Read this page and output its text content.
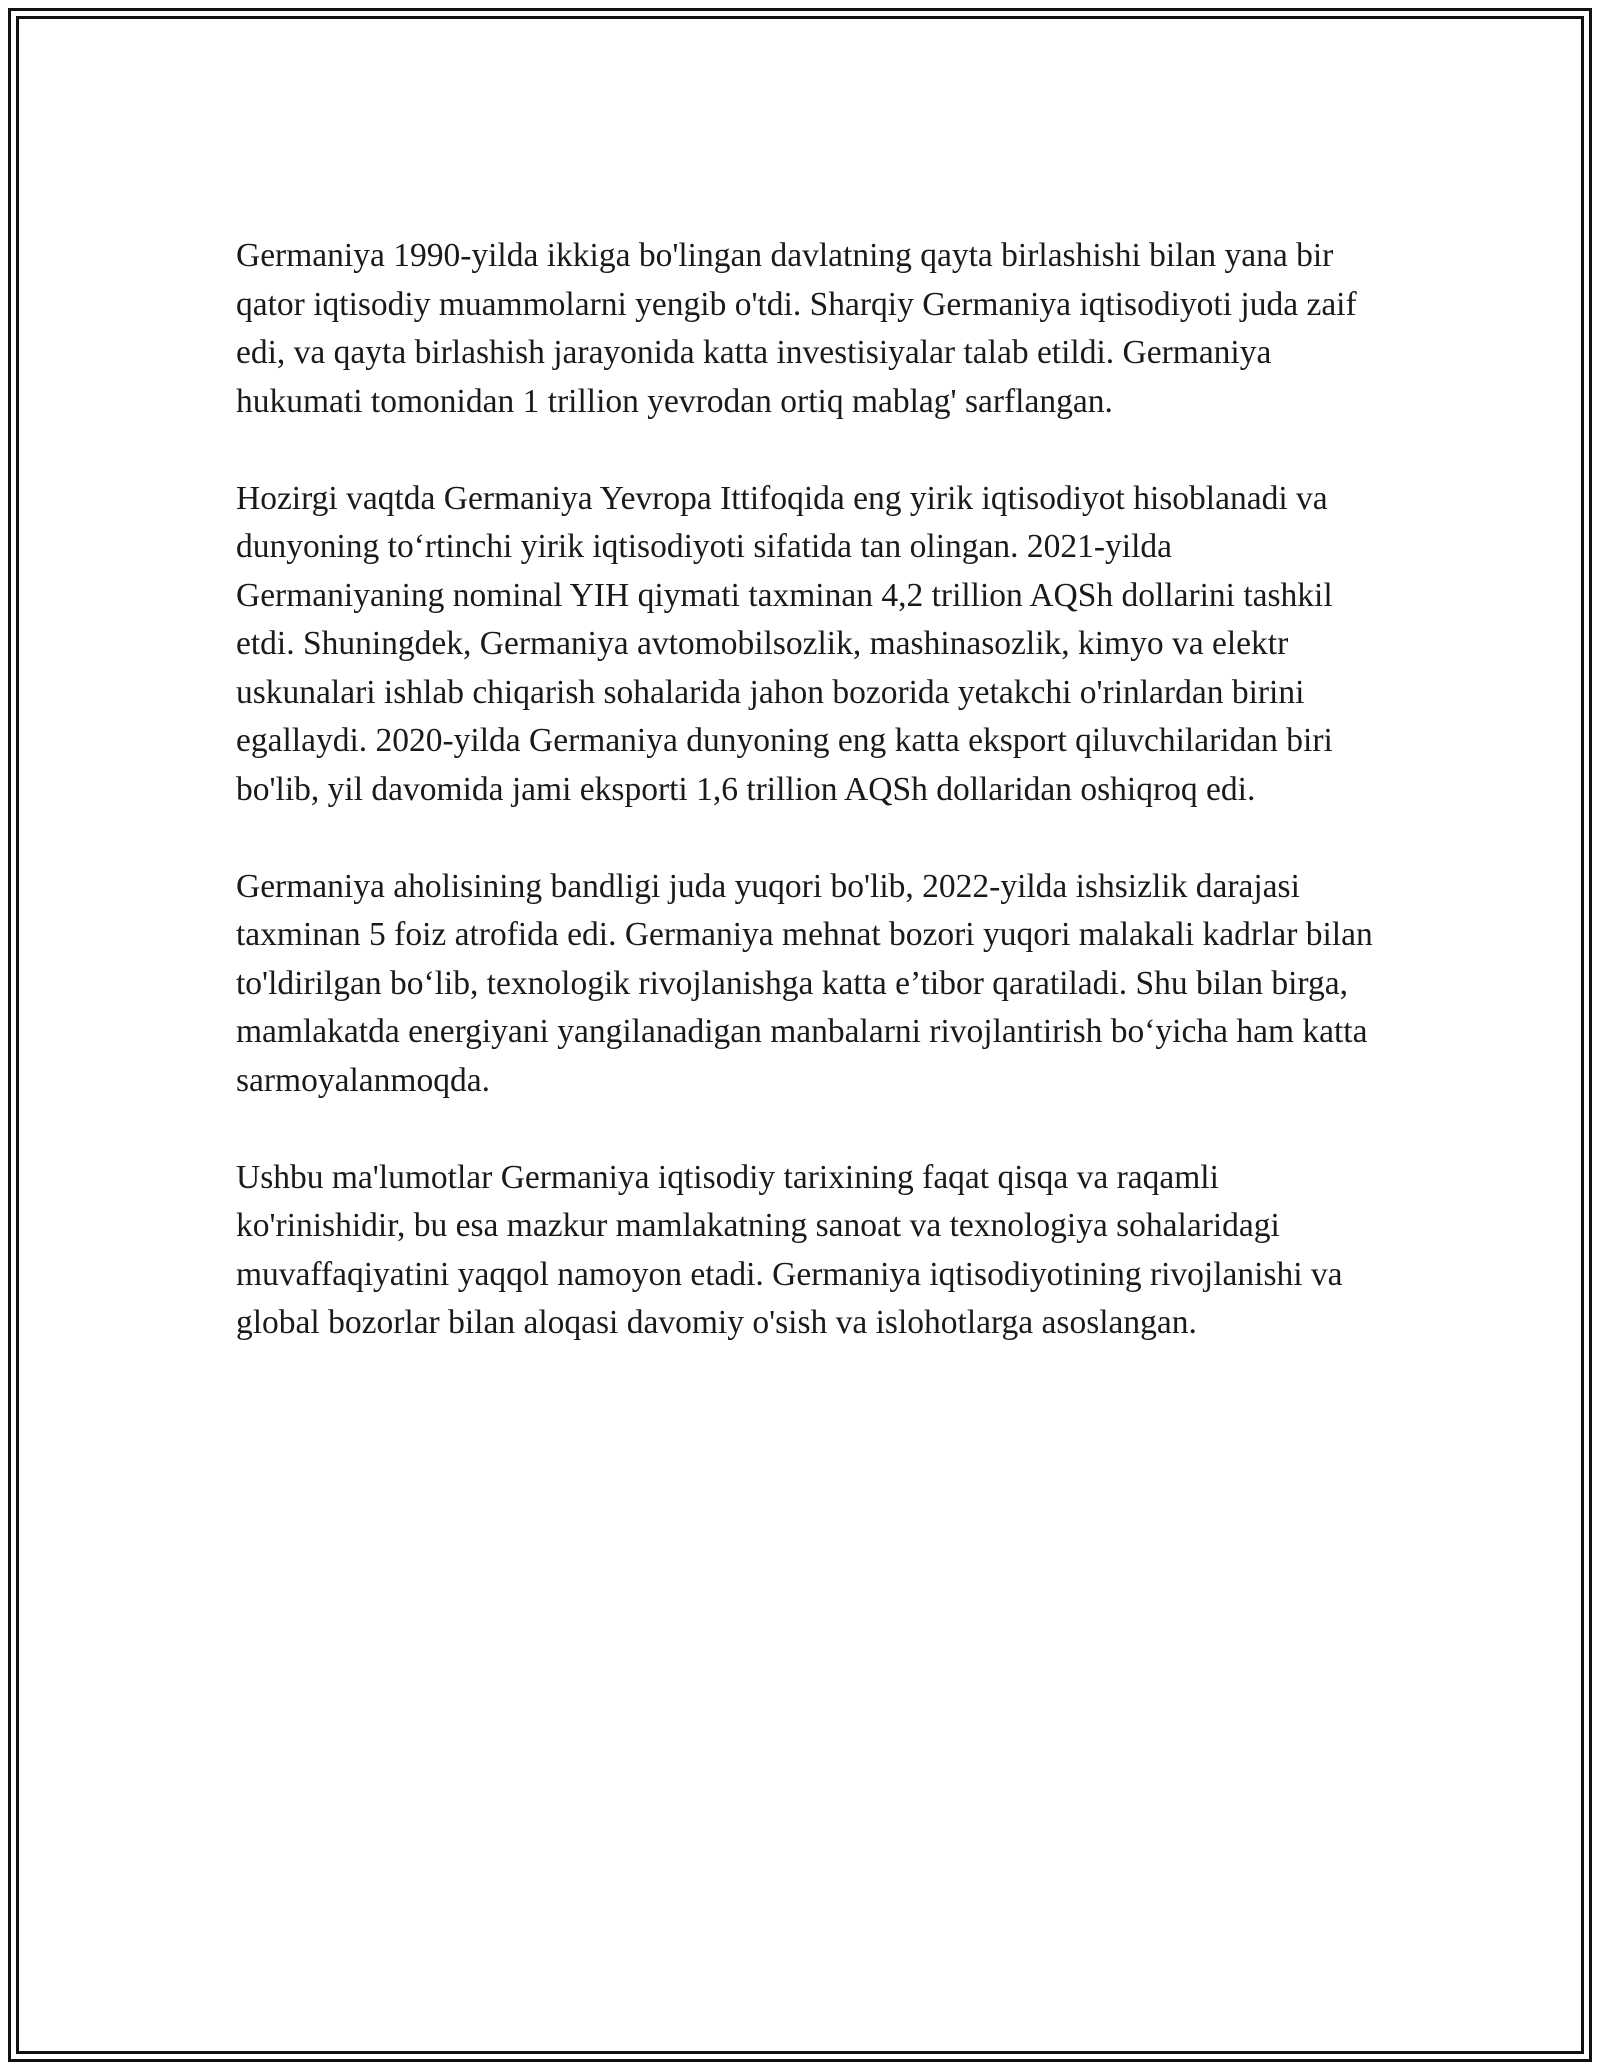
Germaniya 1990-yilda ikkiga bo'lingan davlatning qayta birlashishi bilan yana bir qator iqtisodiy muammolarni yengib o'tdi. Sharqiy Germaniya iqtisodiyoti juda zaif edi, va qayta birlashish jarayonida katta investisiyalar talab etildi. Germaniya hukumati tomonidan 1 trillion yevrodan ortiq mablag' sarflangan.

Hozirgi vaqtda Germaniya Yevropa Ittifoqida eng yirik iqtisodiyot hisoblanadi va dunyoning to‘rtinchi yirik iqtisodiyoti sifatida tan olingan. 2021-yilda Germaniyaning nominal YIH qiymati taxminan 4,2 trillion AQSh dollarini tashkil etdi. Shuningdek, Germaniya avtomobilsozlik, mashinasozlik, kimyo va elektr uskunalari ishlab chiqarish sohalarida jahon bozorida yetakchi o'rinlardan birini egallaydi. 2020-yilda Germaniya dunyoning eng katta eksport qiluvchilaridan biri bo'lib, yil davomida jami eksporti 1,6 trillion AQSh dollaridan oshiqroq edi.

Germaniya aholisining bandligi juda yuqori bo'lib, 2022-yilda ishsizlik darajasi taxminan 5 foiz atrofida edi. Germaniya mehnat bozori yuqori malakali kadrlar bilan to'ldirilgan bo‘lib, texnologik rivojlanishga katta e’tibor qaratiladi. Shu bilan birga, mamlakatda energiyani yangilanadigan manbalarni rivojlantirish bo‘yicha ham katta sarmoyalanmoqda.

Ushbu ma'lumotlar Germaniya iqtisodiy tarixining faqat qisqa va raqamli ko'rinishidir, bu esa mazkur mamlakatning sanoat va texnologiya sohalaridagi muvaffaqiyatini yaqqol namoyon etadi. Germaniya iqtisodiyotining rivojlanishi va global bozorlar bilan aloqasi davomiy o'sish va islohotlarga asoslangan.
